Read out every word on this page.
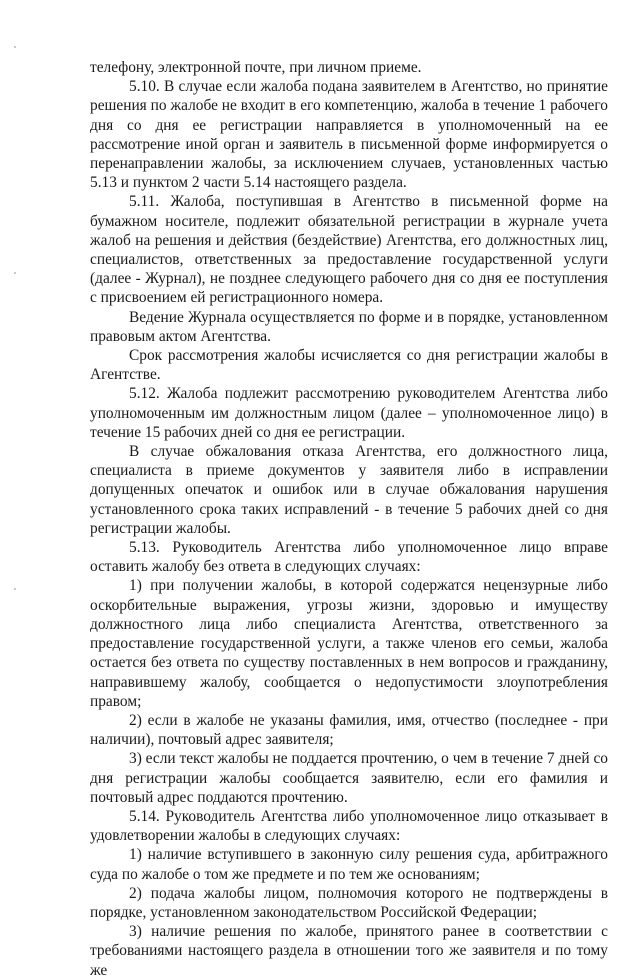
телефону, электронной почте, при личном приеме.

5.10. В случае если жалоба подана заявителем в Агентство, но принятие решения по жалобе не входит в его компетенцию, жалоба в течение 1 рабочего дня со дня ее регистрации направляется в уполномоченный на ее рассмотрение иной орган и заявитель в письменной форме информируется о перенаправлении жалобы, за исключением случаев, установленных частью 5.13 и пунктом 2 части 5.14 настоящего раздела.

5.11. Жалоба, поступившая в Агентство в письменной форме на бумажном носителе, подлежит обязательной регистрации в журнале учета жалоб на решения и действия (бездействие) Агентства, его должностных лиц, специалистов, ответственных за предоставление государственной услуги (далее - Журнал), не позднее следующего рабочего дня со дня ее поступления с присвоением ей регистрационного номера.

Ведение Журнала осуществляется по форме и в порядке, установленном правовым актом Агентства.

Срок рассмотрения жалобы исчисляется со дня регистрации жалобы в Агентстве.

5.12. Жалоба подлежит рассмотрению руководителем Агентства либо уполномоченным им должностным лицом (далее – уполномоченное лицо) в течение 15 рабочих дней со дня ее регистрации.

В случае обжалования отказа Агентства, его должностного лица, специалиста в приеме документов у заявителя либо в исправлении допущенных опечаток и ошибок или в случае обжалования нарушения установленного срока таких исправлений - в течение 5 рабочих дней со дня регистрации жалобы.

5.13. Руководитель Агентства либо уполномоченное лицо вправе оставить жалобу без ответа в следующих случаях:

1) при получении жалобы, в которой содержатся нецензурные либо оскорбительные выражения, угрозы жизни, здоровью и имуществу должностного лица либо специалиста Агентства, ответственного за предоставление государственной услуги, а также членов его семьи, жалоба остается без ответа по существу поставленных в нем вопросов и гражданину, направившему жалобу, сообщается о недопустимости злоупотребления правом;

2) если в жалобе не указаны фамилия, имя, отчество (последнее - при наличии), почтовый адрес заявителя;

3) если текст жалобы не поддается прочтению, о чем в течение 7 дней со дня регистрации жалобы сообщается заявителю, если его фамилия и почтовый адрес поддаются прочтению.

5.14. Руководитель Агентства либо уполномоченное лицо отказывает в удовлетворении жалобы в следующих случаях:

1) наличие вступившего в законную силу решения суда, арбитражного суда по жалобе о том же предмете и по тем же основаниям;

2) подача жалобы лицом, полномочия которого не подтверждены в порядке, установленном законодательством Российской Федерации;

3) наличие решения по жалобе, принятого ранее в соответствии с требованиями настоящего раздела в отношении того же заявителя и по тому же
